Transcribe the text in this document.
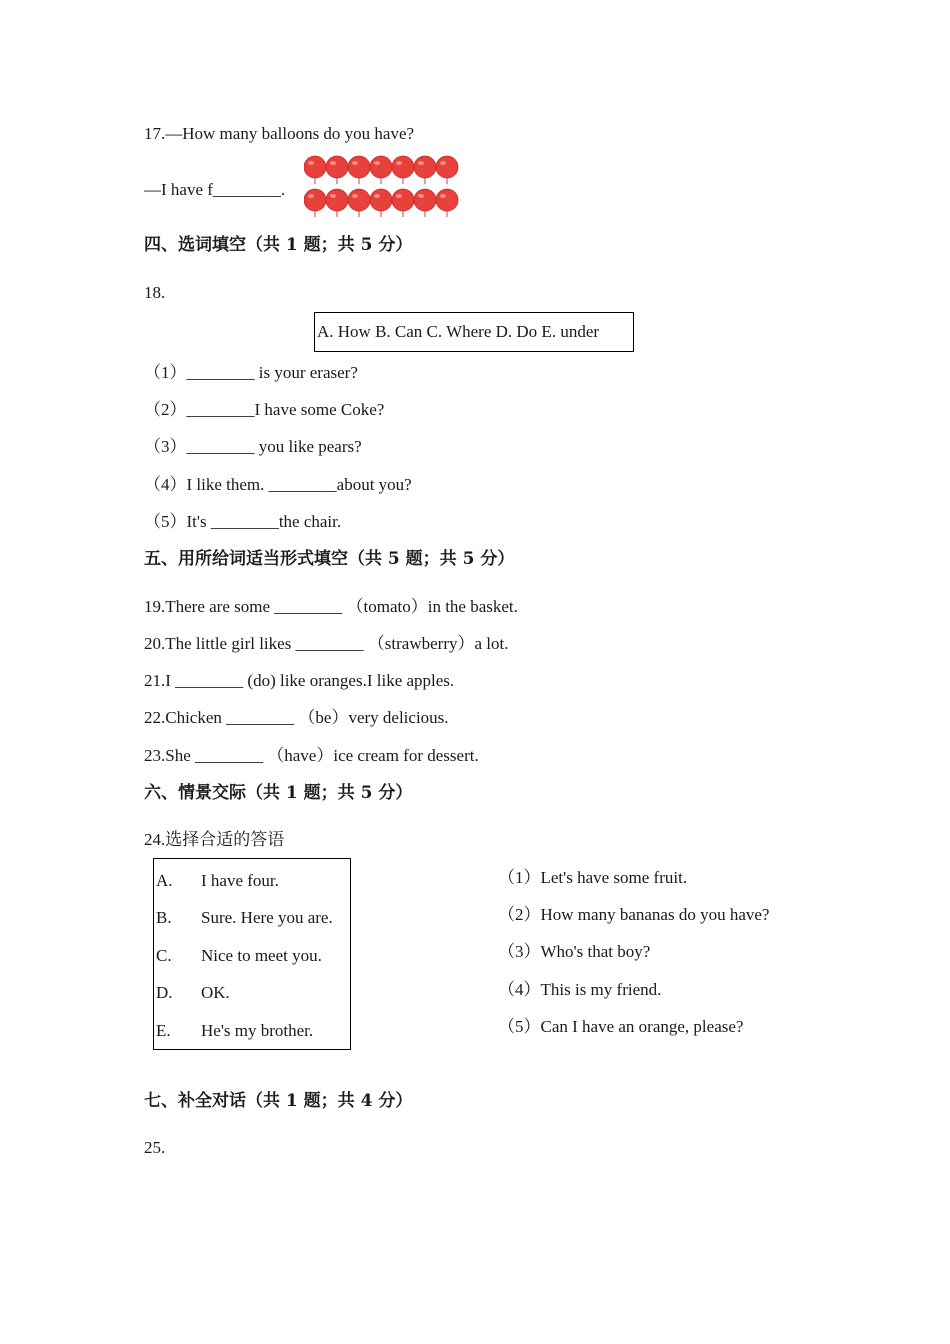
17.—How many balloons do you have?
—I have f________.
四、选词填空（共 1 题；共 5 分）
18.
A. How B. Can C. Where D. Do E. under
（1）________ is your eraser?
（2）________I have some Coke?
（3）________ you like pears?
（4）I like them. ________about you?
（5）It's ________the chair.
五、用所给词适当形式填空（共 5 题；共 5 分）
19.There are some ________ （tomato）in the basket.
20.The little girl likes ________ （strawberry）a lot.
21.I ________ (do) like oranges.I like apples.
22.Chicken ________ （be）very delicious.
23.She ________ （have）ice cream for dessert.
六、情景交际（共 1 题；共 5 分）
24.选择合适的答语
A. I have four.
B. Sure. Here you are.
C. Nice to meet you.
D. OK.
E. He's my brother.
（1）Let's have some fruit.
（2）How many bananas do you have?
（3）Who's that boy?
（4）This is my friend.
（5）Can I have an orange, please?
七、补全对话（共 1 题；共 4 分）
25.
